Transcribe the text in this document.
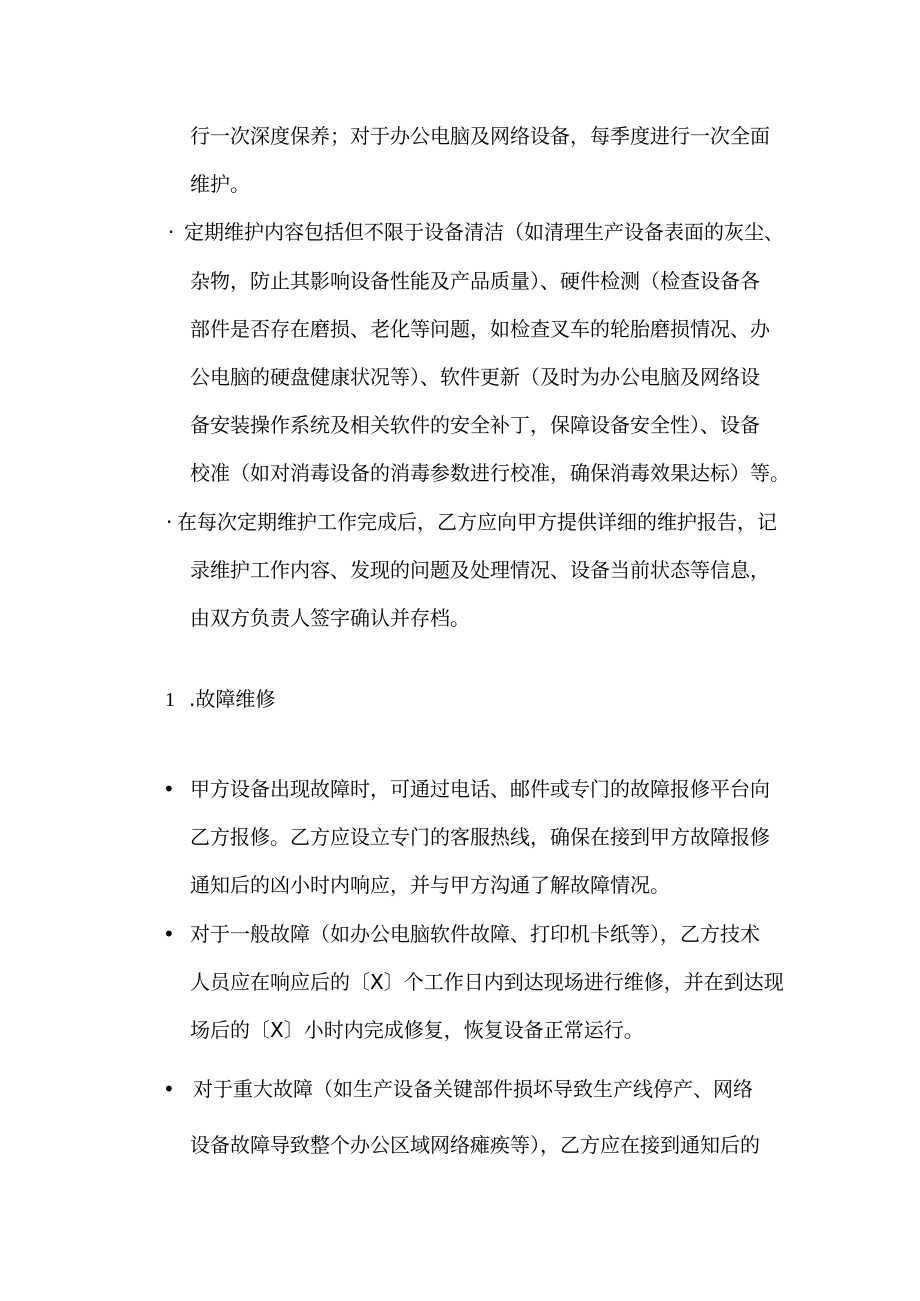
行一次深度保养；对于办公电脑及网络设备，每季度进行一次全面
维护。
· 定期维护内容包括但不限于设备清洁（如清理生产设备表面的灰尘、
杂物，防止其影响设备性能及产品质量）、硬件检测（检查设备各
部件是否存在磨损、老化等问题，如检查叉车的轮胎磨损情况、办
公电脑的硬盘健康状况等）、软件更新（及时为办公电脑及网络设
备安装操作系统及相关软件的安全补丁，保障设备安全性）、设备
校准（如对消毒设备的消毒参数进行校准，确保消毒效果达标）等。
· 在每次定期维护工作完成后，乙方应向甲方提供详细的维护报告，记
录维护工作内容、发现的问题及处理情况、设备当前状态等信息，
由双方负责人签字确认并存档。
1 .故障维修
• 甲方设备出现故障时，可通过电话、邮件或专门的故障报修平台向
乙方报修。乙方应设立专门的客服热线，确保在接到甲方故障报修
通知后的凶小时内响应，并与甲方沟通了解故障情况。
• 对于一般故障（如办公电脑软件故障、打印机卡纸等），乙方技术
人员应在响应后的〔X〕个工作日内到达现场进行维修，并在到达现
场后的〔X〕小时内完成修复，恢复设备正常运行。
• 对于重大故障（如生产设备关键部件损坏导致生产线停产、网络
设备故障导致整个办公区域网络瘫痪等），乙方应在接到通知后的
